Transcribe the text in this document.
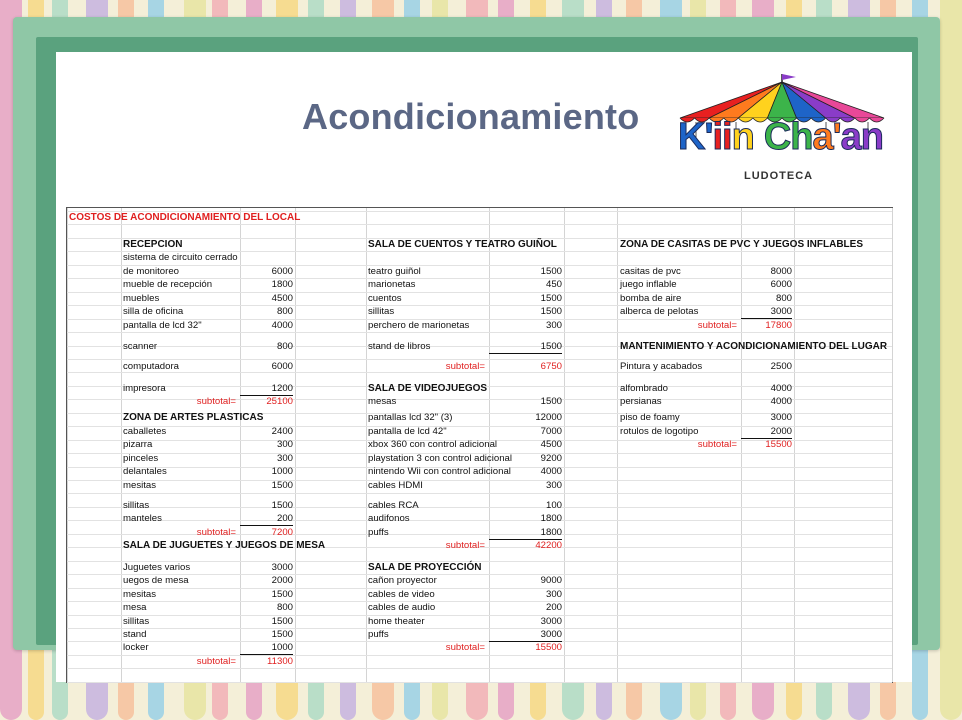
Acondicionamiento	K'iin Cha'an
LUDOTECA
COSTOS DE ACONDICIONAMIENTO DEL LOCAL
RECEPCION
sistema de circuito cerrado
de monitoreo	6000
mueble de recepción	1800
muebles	4500
silla de oficina	800
pantalla de lcd 32"	4000
scanner	800
computadora	6000
impresora	1200
subtotal=	25100
ZONA DE ARTES PLASTICAS
caballetes	2400
pizarra	300
pinceles	300
delantales	1000
mesitas	1500
sillitas	1500
manteles	200
subtotal=	7200
SALA DE JUGUETES Y JUEGOS DE MESA
Juguetes varios	3000
uegos de mesa	2000
mesitas	1500
mesa	800
sillitas	1500
stand	1500
locker	1000
subtotal=	11300
SALA DE CUENTOS Y TEATRO GUIÑOL
teatro guiñol	1500
marionetas	450
cuentos	1500
sillitas	1500
perchero de marionetas	300
stand de libros	1500
subtotal=	6750
SALA DE VIDEOJUEGOS
mesas	1500
pantallas lcd 32" (3)	12000
pantalla de lcd 42"	7000
xbox 360 con control adicional	4500
playstation 3 con control adicional	9200
nintendo Wii con control adicional	4000
cables HDMI	300
cables RCA	100
audifonos	1800
puffs	1800
subtotal=	42200
SALA DE PROYECCIÓN
cañon proyector	9000
cables de video	300
cables de audio	200
home theater	3000
puffs	3000
subtotal=	15500
ZONA DE CASITAS DE PVC Y JUEGOS INFLABLES
casitas de pvc	8000
juego inflable	6000
bomba de aire	800
alberca de pelotas	3000
subtotal=	17800
MANTENIMIENTO Y ACONDICIONAMIENTO DEL LUGAR
Pintura y acabados	2500
alfombrado	4000
persianas	4000
piso de foamy	3000
rotulos de logotipo	2000
subtotal=	15500
